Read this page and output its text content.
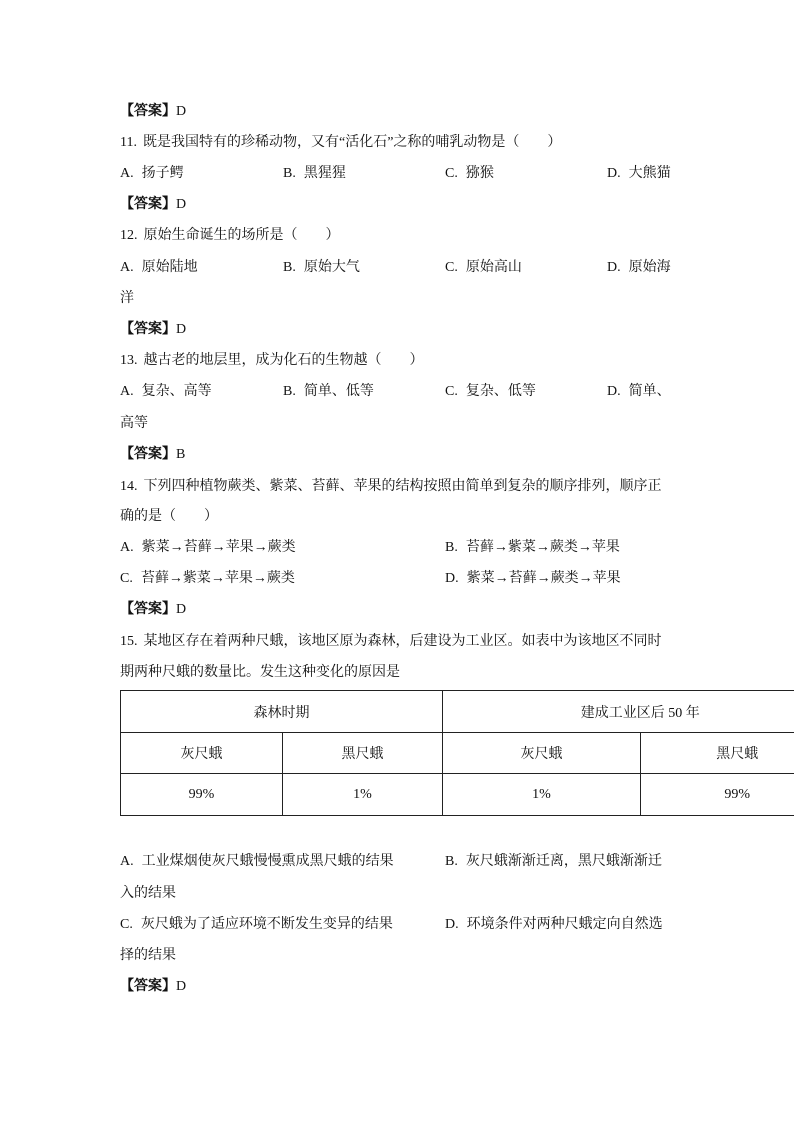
【答案】D
11. 既是我国特有的珍稀动物，又有“活化石”之称的哺乳动物是（　　）
A. 扬子鳄	B. 黑猩猩	C. 猕猴	D. 大熊猫
【答案】D
12. 原始生命诞生的场所是（　　）
A. 原始陆地	B. 原始大气	C. 原始高山	D. 原始海
洋
【答案】D
13. 越古老的地层里，成为化石的生物越（　　）
A. 复杂、高等	B. 简单、低等	C. 复杂、低等	D. 简单、
高等
【答案】B
14. 下列四种植物蕨类、紫菜、苔藓、苹果的结构按照由简单到复杂的顺序排列，顺序正
确的是（　　）
A. 紫菜→苔藓→苹果→蕨类	B. 苔藓→紫菜→蕨类→苹果
C. 苔藓→紫菜→苹果→蕨类	D. 紫菜→苔藓→蕨类→苹果
【答案】D
15. 某地区存在着两种尺蛾，该地区原为森林，后建设为工业区。如表中为该地区不同时
期两种尺蛾的数量比。发生这种变化的原因是
森林时期		建成工业区后 50 年	
灰尺蛾	黑尺蛾	灰尺蛾	黑尺蛾
99%	1%	1%	99%
A. 工业煤烟使灰尺蛾慢慢熏成黑尺蛾的结果	B. 灰尺蛾渐渐迁离，黑尺蛾渐渐迁
入的结果
C. 灰尺蛾为了适应环境不断发生变异的结果	D. 环境条件对两种尺蛾定向自然选
择的结果
【答案】D
